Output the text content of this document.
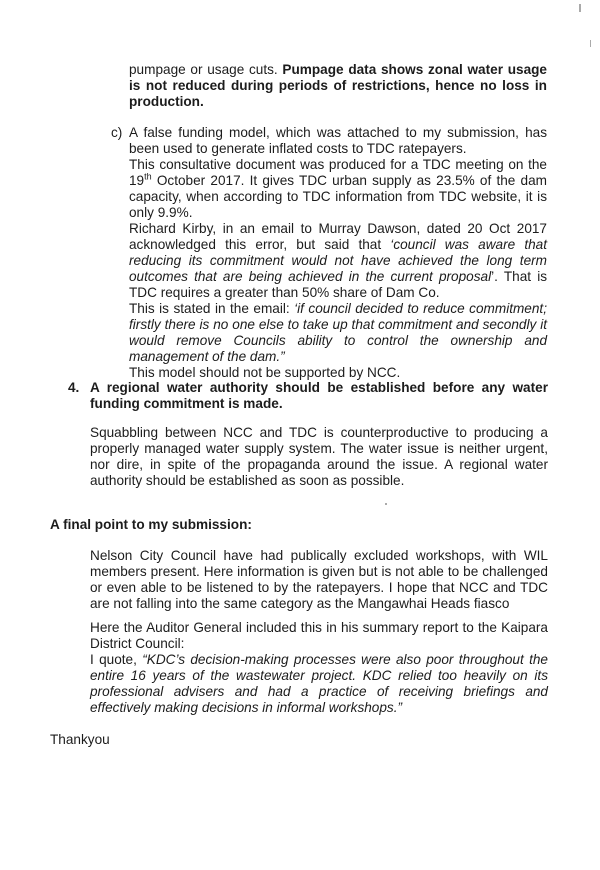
pumpage or usage cuts. Pumpage data shows zonal water usage is not reduced during periods of restrictions, hence no loss in production.
c) A false funding model, which was attached to my submission, has been used to generate inflated costs to TDC ratepayers.

This consultative document was produced for a TDC meeting on the 19th October 2017. It gives TDC urban supply as 23.5% of the dam capacity, when according to TDC information from TDC website, it is only 9.9%.

Richard Kirby, in an email to Murray Dawson, dated 20 Oct 2017 acknowledged this error, but said that ‘council was aware that reducing its commitment would not have achieved the long term outcomes that are being achieved in the current proposal’. That is TDC requires a greater than 50% share of Dam Co.

This is stated in the email: ‘if council decided to reduce commitment; firstly there is no one else to take up that commitment and secondly it would remove Councils ability to control the ownership and management of the dam.”

This model should not be supported by NCC.

4. A regional water authority should be established before any water funding commitment is made.
Squabbling between NCC and TDC is counterproductive to producing a properly managed water supply system. The water issue is neither urgent, nor dire, in spite of the propaganda around the issue. A regional water authority should be established as soon as possible.
A final point to my submission:
Nelson City Council have had publically excluded workshops, with WIL members present. Here information is given but is not able to be challenged or even able to be listened to by the ratepayers. I hope that NCC and TDC are not falling into the same category as the Mangawhai Heads fiasco

Here the Auditor General included this in his summary report to the Kaipara District Council:

I quote, “KDC’s decision-making processes were also poor throughout the entire 16 years of the wastewater project. KDC relied too heavily on its professional advisers and had a practice of receiving briefings and effectively making decisions in informal workshops.”

Thankyou
